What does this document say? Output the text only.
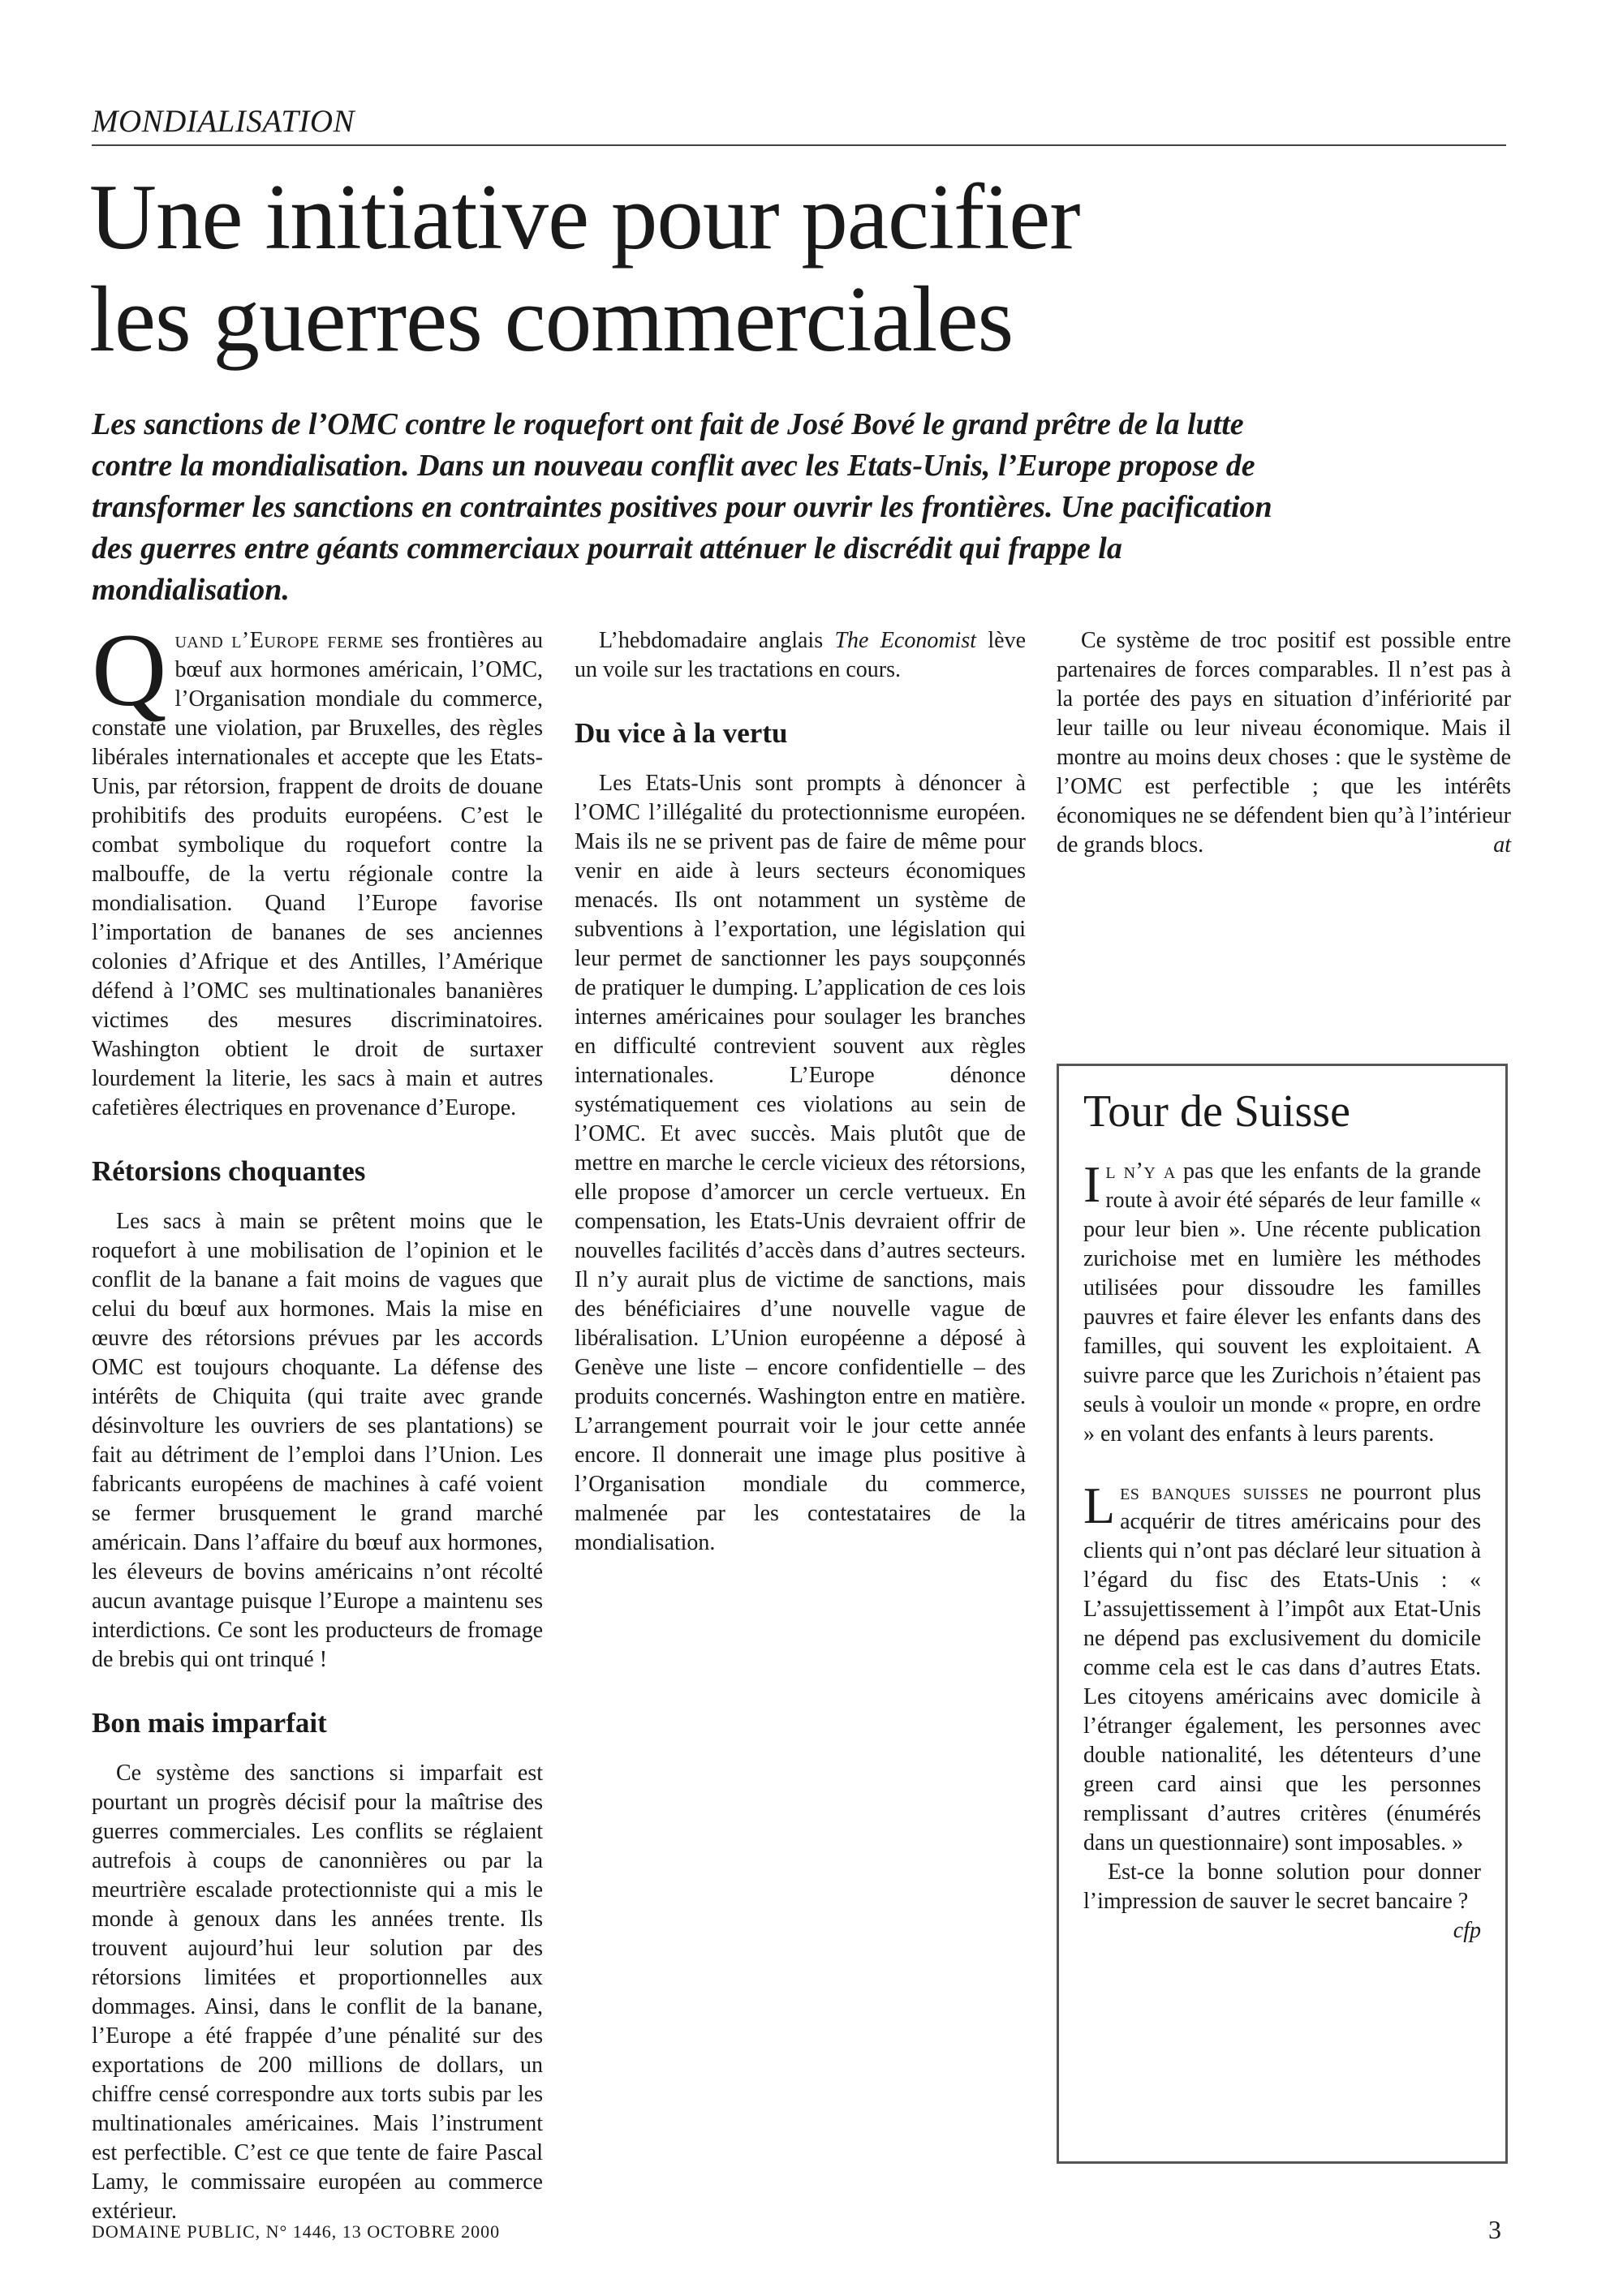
MONDIALISATION
Une initiative pour pacifier
les guerres commerciales

Les sanctions de l’OMC contre le roquefort ont fait de José Bové le grand prêtre de la lutte contre la mondialisation. Dans un nouveau conflit avec les Etats-Unis, l’Europe propose de transformer les sanctions en contraintes positives pour ouvrir les frontières. Une pacification des guerres entre géants commerciaux pourrait atténuer le discrédit qui frappe la mondialisation.

Quand l’Europe ferme ses frontières au bœuf aux hormones américain, l’OMC, l’Organisation mondiale du commerce, constate une violation, par Bruxelles, des règles libérales internationales et accepte que les Etats-Unis, par rétorsion, frappent de droits de douane prohibitifs des produits européens. C’est le combat symbolique du roquefort contre la malbouffe, de la vertu régionale contre la mondialisation. Quand l’Europe favorise l’importation de bananes de ses anciennes colonies d’Afrique et des Antilles, l’Amérique défend à l’OMC ses multinationales bananières victimes des mesures discriminatoires. Washington obtient le droit de surtaxer lourdement la literie, les sacs à main et autres cafetières électriques en provenance d’Europe.

Rétorsions choquantes

Les sacs à main se prêtent moins que le roquefort à une mobilisation de l’opinion et le conflit de la banane a fait moins de vagues que celui du bœuf aux hormones. Mais la mise en œuvre des rétorsions prévues par les accords OMC est toujours choquante. La défense des intérêts de Chiquita (qui traite avec grande désinvolture les ouvriers de ses plantations) se fait au détriment de l’emploi dans l’Union. Les fabricants européens de machines à café voient se fermer brusquement le grand marché américain. Dans l’affaire du bœuf aux hormones, les éleveurs de bovins américains n’ont récolté aucun avantage puisque l’Europe a maintenu ses interdictions. Ce sont les producteurs de fromage de brebis qui ont trinqué !

Bon mais imparfait

Ce système des sanctions si imparfait est pourtant un progrès décisif pour la maîtrise des guerres commerciales. Les conflits se réglaient autrefois à coups de canonnières ou par la meurtrière escalade protectionniste qui a mis le monde à genoux dans les années trente. Ils trouvent aujourd’hui leur solution par des rétorsions limitées et proportionnelles aux dommages. Ainsi, dans le conflit de la banane, l’Europe a été frappée d’une pénalité sur des exportations de 200 millions de dollars, un chiffre censé correspondre aux torts subis par les multinationales américaines. Mais l’instrument est perfectible. C’est ce que tente de faire Pascal Lamy, le commissaire européen au commerce extérieur.

L’hebdomadaire anglais The Economist lève un voile sur les tractations en cours.

Du vice à la vertu

Les Etats-Unis sont prompts à dénoncer à l’OMC l’illégalité du protectionnisme européen. Mais ils ne se privent pas de faire de même pour venir en aide à leurs secteurs économiques menacés. Ils ont notamment un système de subventions à l’exportation, une législation qui leur permet de sanctionner les pays soupçonnés de pratiquer le dumping. L’application de ces lois internes américaines pour soulager les branches en difficulté contrevient souvent aux règles internationales. L’Europe dénonce systématiquement ces violations au sein de l’OMC. Et avec succès. Mais plutôt que de mettre en marche le cercle vicieux des rétorsions, elle propose d’amorcer un cercle vertueux. En compensation, les Etats-Unis devraient offrir de nouvelles facilités d’accès dans d’autres secteurs. Il n’y aurait plus de victime de sanctions, mais des bénéficiaires d’une nouvelle vague de libéralisation. L’Union européenne a déposé à Genève une liste – encore confidentielle – des produits concernés. Washington entre en matière. L’arrangement pourrait voir le jour cette année encore. Il donnerait une image plus positive à l’Organisation mondiale du commerce, malmenée par les contestataires de la mondialisation.

Ce système de troc positif est possible entre partenaires de forces comparables. Il n’est pas à la portée des pays en situation d’infériorité par leur taille ou leur niveau économique. Mais il montre au moins deux choses : que le système de l’OMC est perfectible ; que les intérêts économiques ne se défendent bien qu’à l’intérieur de grands blocs.	at

Tour de Suisse

Il n’y a pas que les enfants de la grande route à avoir été séparés de leur famille « pour leur bien ». Une récente publication zurichoise met en lumière les méthodes utilisées pour dissoudre les familles pauvres et faire élever les enfants dans des familles, qui souvent les exploitaient. A suivre parce que les Zurichois n’étaient pas seuls à vouloir un monde « propre, en ordre » en volant des enfants à leurs parents.

Les banques suisses ne pourront plus acquérir de titres américains pour des clients qui n’ont pas déclaré leur situation à l’égard du fisc des Etats-Unis : « L’assujettissement à l’impôt aux Etat-Unis ne dépend pas exclusivement du domicile comme cela est le cas dans d’autres Etats. Les citoyens américains avec domicile à l’étranger également, les personnes avec double nationalité, les détenteurs d’une green card ainsi que les personnes remplissant d’autres critères (énumérés dans un questionnaire) sont imposables. »

Est-ce la bonne solution pour donner l’impression de sauver le secret bancaire ?
cfp

DOMAINE PUBLIC, N° 1446, 13 OCTOBRE 2000	3
